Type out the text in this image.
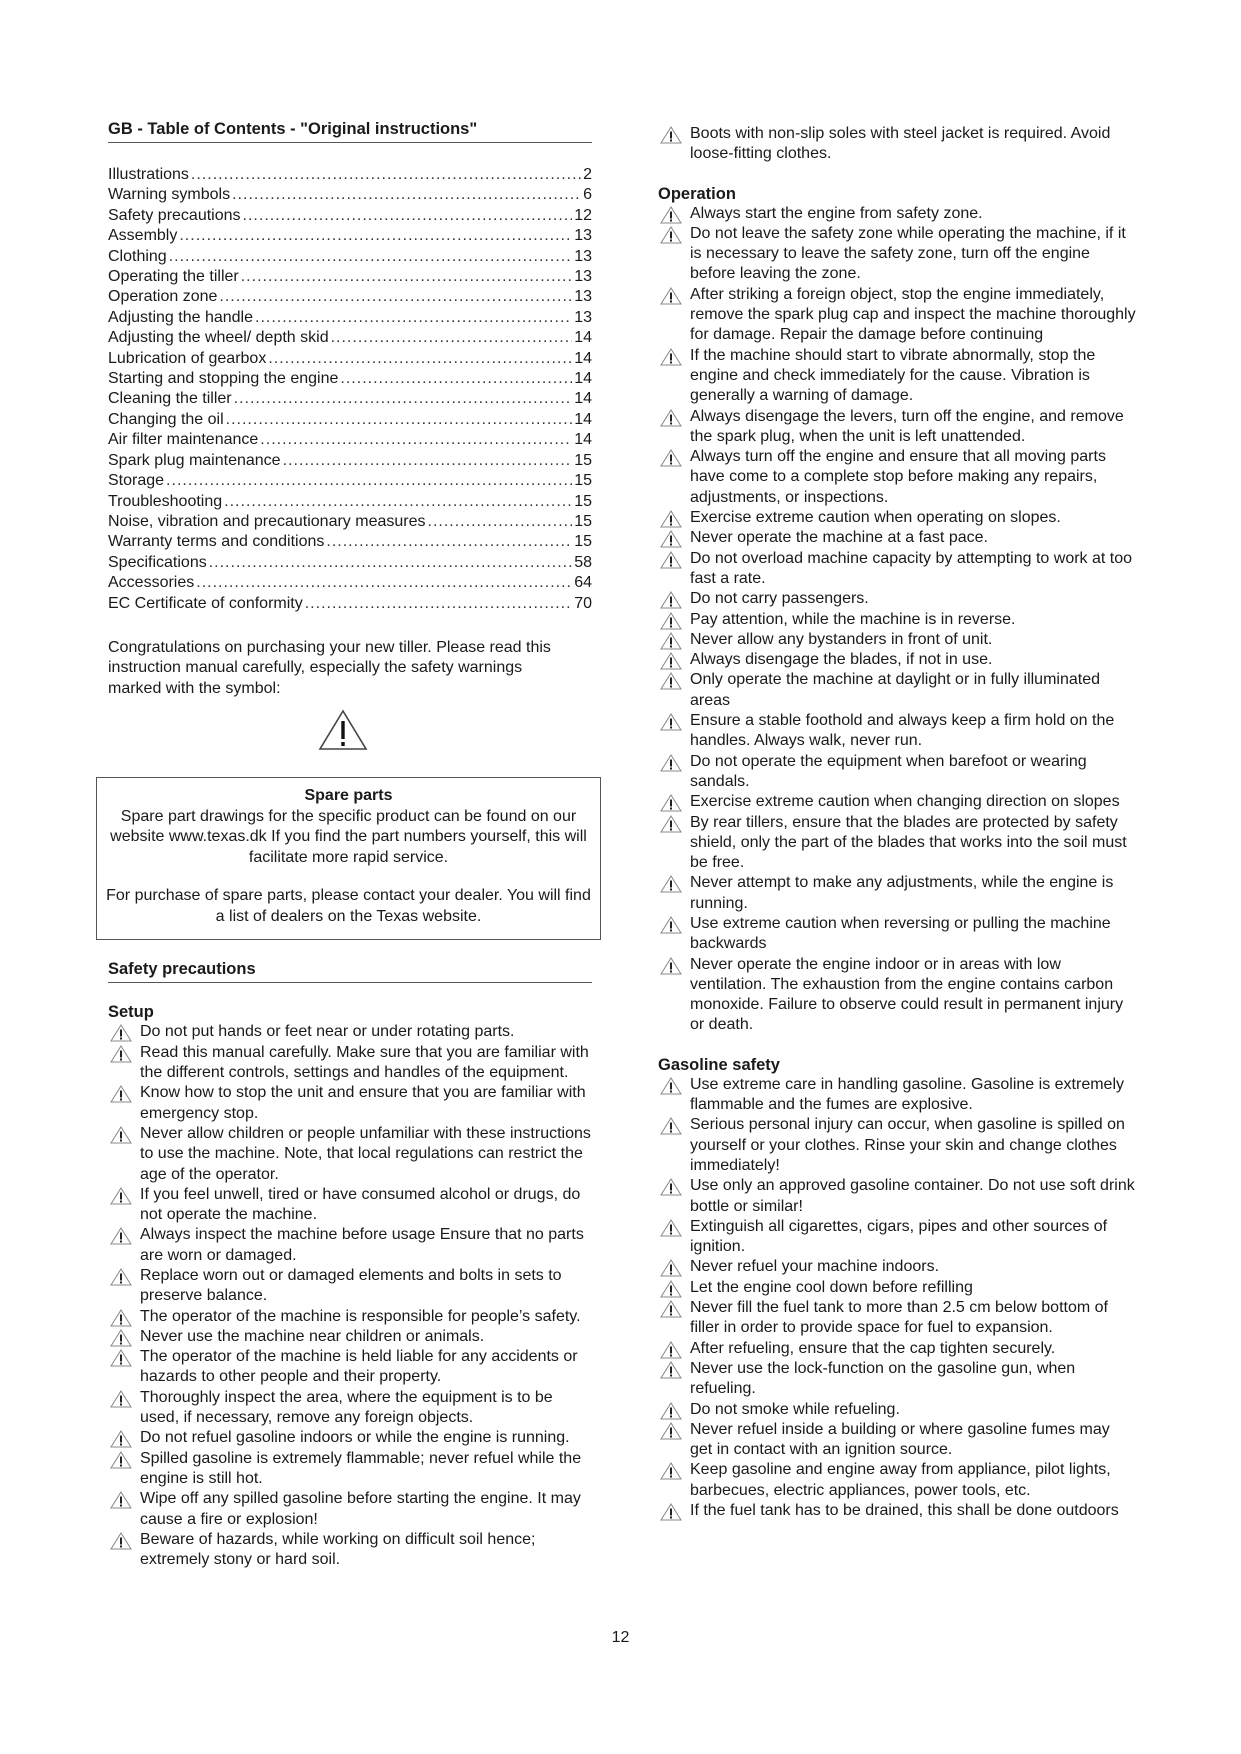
GB - Table of Contents - "Original instructions"
Illustrations .....	2
Warning symbols .....	6
Safety precautions .....	12
Assembly .....	13
Clothing .....	13
Operating the tiller .....	13
Operation zone .....	13
Adjusting the handle .....	13
Adjusting the wheel/ depth skid .....	14
Lubrication of gearbox .....	14
Starting and stopping the engine .....	14
Cleaning the tiller .....	14
Changing the oil .....	14
Air filter maintenance .....	14
Spark plug maintenance .....	15
Storage .....	15
Troubleshooting .....	15
Noise, vibration and precautionary measures .....	15
Warranty terms and conditions .....	15
Specifications .....	58
Accessories .....	64
EC Certificate of conformity .....	70

Congratulations on purchasing your new tiller. Please read this instruction manual carefully, especially the safety warnings marked with the symbol:

Spare parts
Spare part drawings for the specific product can be found on our website www.texas.dk If you find the part numbers yourself, this will facilitate more rapid service.
For purchase of spare parts, please contact your dealer. You will find a list of dealers on the Texas website.
Safety precautions
Setup
Do not put hands or feet near or under rotating parts.
Read this manual carefully. Make sure that you are familiar with the different controls, settings and handles of the equipment.
Know how to stop the unit and ensure that you are familiar with emergency stop.
Never allow children or people unfamiliar with these instructions to use the machine. Note, that local regulations can restrict the age of the operator.
If you feel unwell, tired or have consumed alcohol or drugs, do not operate the machine.
Always inspect the machine before usage Ensure that no parts are worn or damaged.
Replace worn out or damaged elements and bolts in sets to preserve balance.
The operator of the machine is responsible for people’s safety.
Never use the machine near children or animals.
The operator of the machine is held liable for any accidents or hazards to other people and their property.
Thoroughly inspect the area, where the equipment is to be used, if necessary, remove any foreign objects.
Do not refuel gasoline indoors or while the engine is running.
Spilled gasoline is extremely flammable; never refuel while the engine is still hot.
Wipe off any spilled gasoline before starting the engine. It may cause a fire or explosion!
Beware of hazards, while working on difficult soil hence; extremely stony or hard soil.
Boots with non-slip soles with steel jacket is required. Avoid loose-fitting clothes.
Operation
Always start the engine from safety zone.
Do not leave the safety zone while operating the machine, if it is necessary to leave the safety zone, turn off the engine before leaving the zone.
After striking a foreign object, stop the engine immediately, remove the spark plug cap and inspect the machine thoroughly for damage. Repair the damage before continuing
If the machine should start to vibrate abnormally, stop the engine and check immediately for the cause. Vibration is generally a warning of damage.
Always disengage the levers, turn off the engine, and remove the spark plug, when the unit is left unattended.
Always turn off the engine and ensure that all moving parts have come to a complete stop before making any repairs, adjustments, or inspections.
Exercise extreme caution when operating on slopes.
Never operate the machine at a fast pace.
Do not overload machine capacity by attempting to work at too fast a rate.
Do not carry passengers.
Pay attention, while the machine is in reverse.
Never allow any bystanders in front of unit.
Always disengage the blades, if not in use.
Only operate the machine at daylight or in fully illuminated areas
Ensure a stable foothold and always keep a firm hold on the handles. Always walk, never run.
Do not operate the equipment when barefoot or wearing sandals.
Exercise extreme caution when changing direction on slopes
By rear tillers, ensure that the blades are protected by safety shield, only the part of the blades that works into the soil must be free.
Never attempt to make any adjustments, while the engine is running.
Use extreme caution when reversing or pulling the machine backwards
Never operate the engine indoor or in areas with low ventilation. The exhaustion from the engine contains carbon monoxide. Failure to observe could result in permanent injury or death.
Gasoline safety
Use extreme care in handling gasoline. Gasoline is extremely flammable and the fumes are explosive.
Serious personal injury can occur, when gasoline is spilled on yourself or your clothes. Rinse your skin and change clothes immediately!
Use only an approved gasoline container. Do not use soft drink bottle or similar!
Extinguish all cigarettes, cigars, pipes and other sources of ignition.
Never refuel your machine indoors.
Let the engine cool down before refilling
Never fill the fuel tank to more than 2.5 cm below bottom of filler in order to provide space for fuel to expansion.
After refueling, ensure that the cap tighten securely.
Never use the lock-function on the gasoline gun, when refueling.
Do not smoke while refueling.
Never refuel inside a building or where gasoline fumes may get in contact with an ignition source.
Keep gasoline and engine away from appliance, pilot lights, barbecues, electric appliances, power tools, etc.
If the fuel tank has to be drained, this shall be done outdoors
12
